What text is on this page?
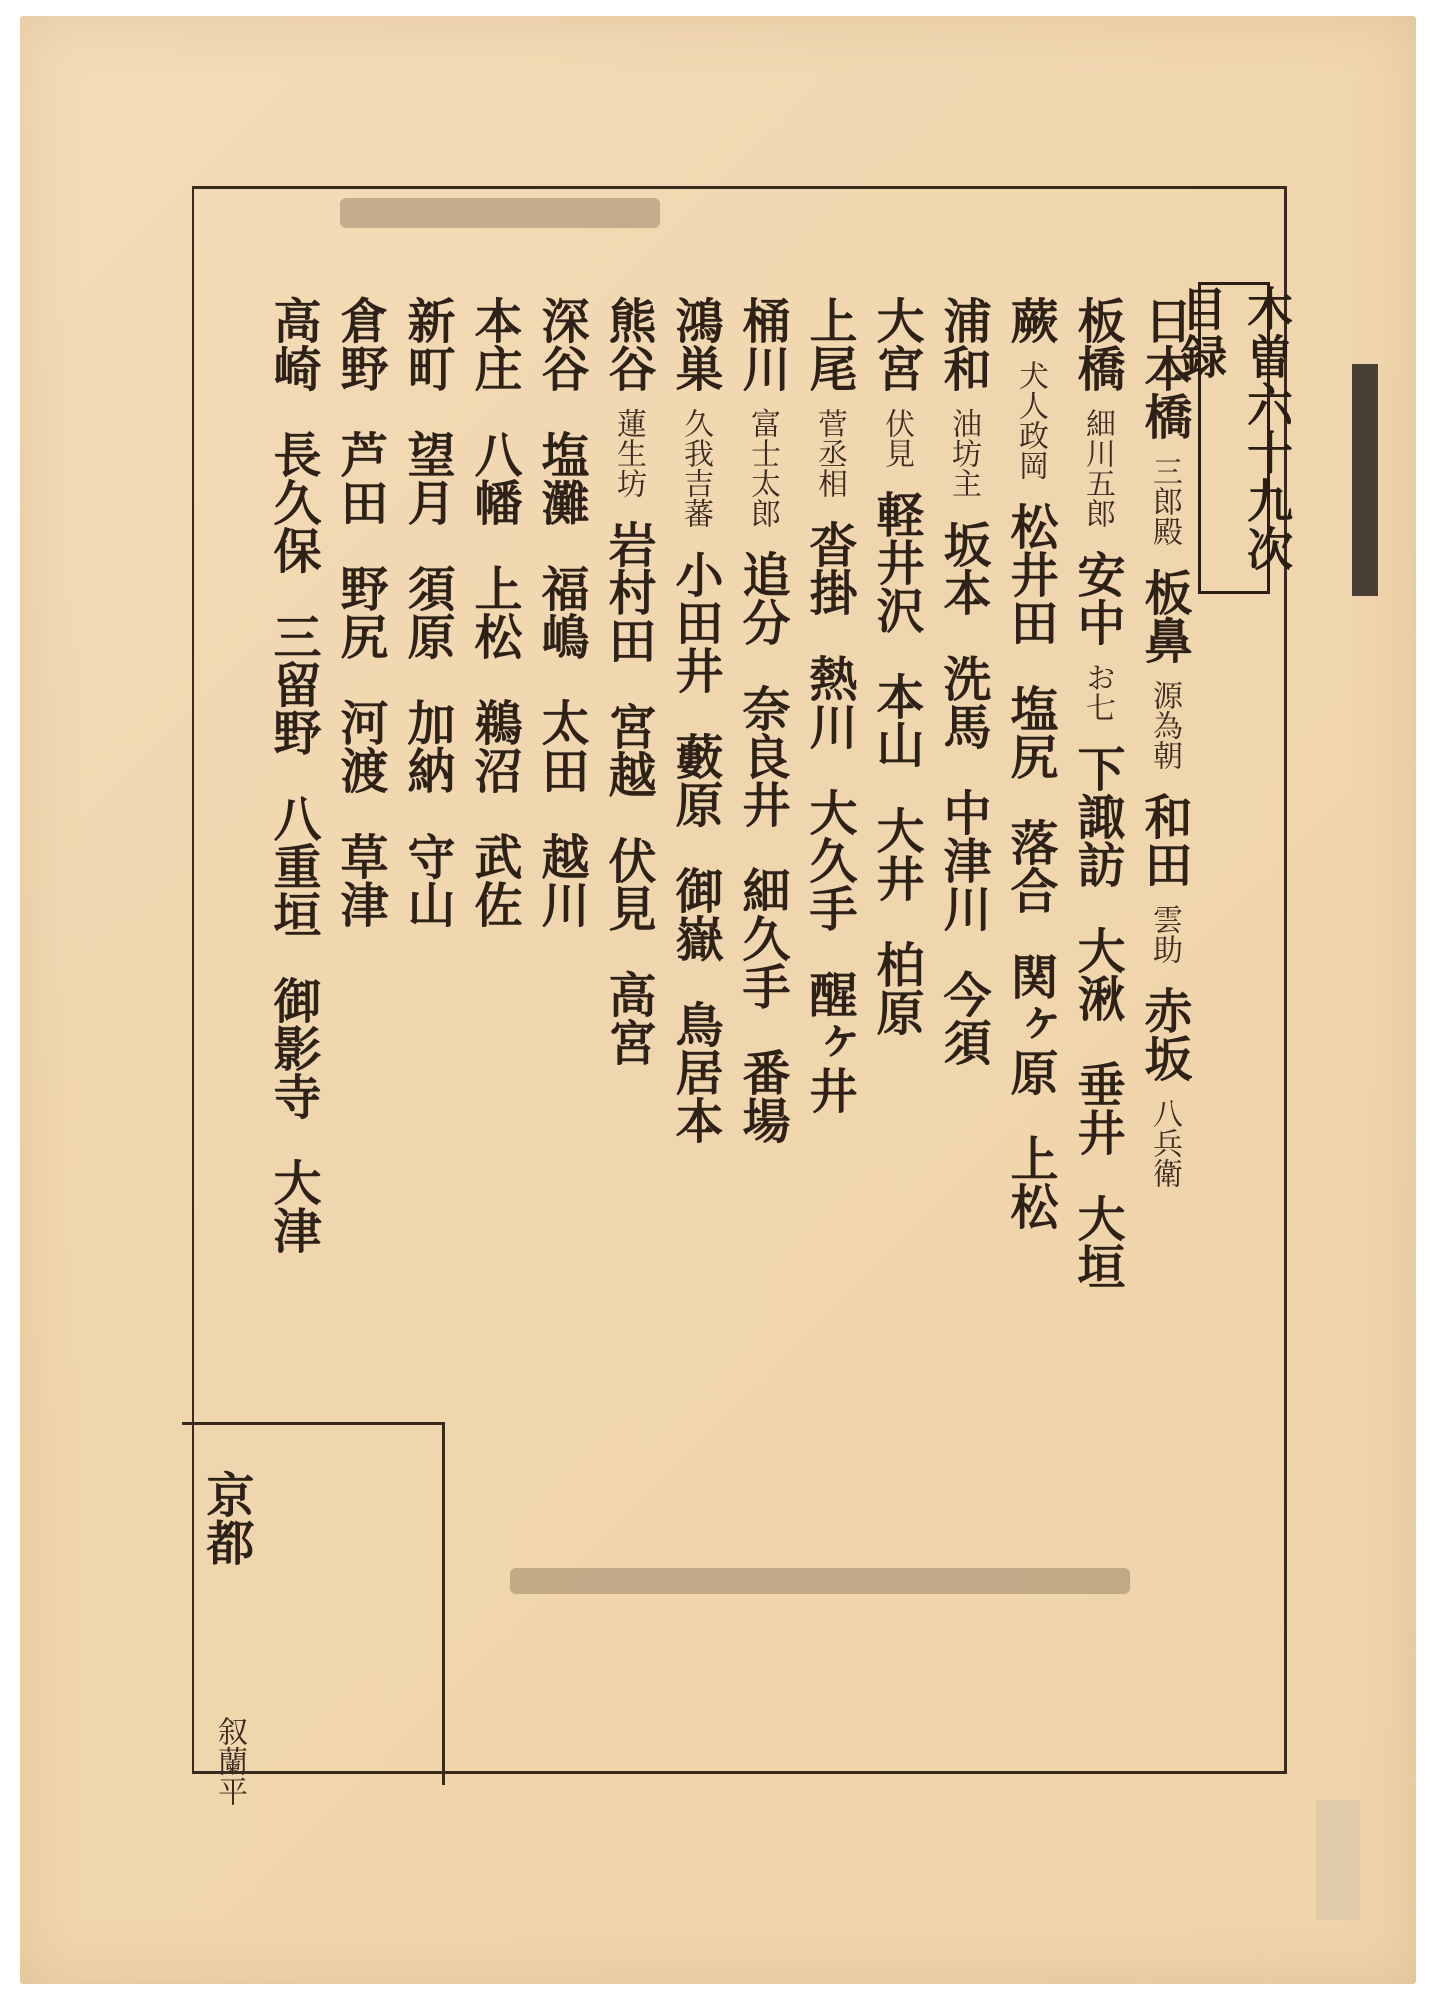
木曽六十九次目録
日本橋三郎殿板鼻源為朝和田雲助赤坂八兵衛
板橋細川五郎安中お七下諏訪大湫垂井大垣
蕨犬人政岡松井田塩尻落合関ヶ原上松
浦和油坊主坂本洗馬中津川今須
大宮伏見軽井沢本山大井柏原
上尾菅丞相沓掛熱川大久手醒ヶ井
桶川富士太郎追分奈良井細久手番場
鴻巣久我吉蕃小田井藪原御嶽鳥居本
熊谷蓮生坊岩村田宮越伏見高宮
深谷塩灘福嶋太田越川
本庄八幡上松鵜沼武佐
新町望月須原加納守山
倉野芦田野尻河渡草津
高崎長久保三留野八重垣御影寺大津
京都
叙蘭平
